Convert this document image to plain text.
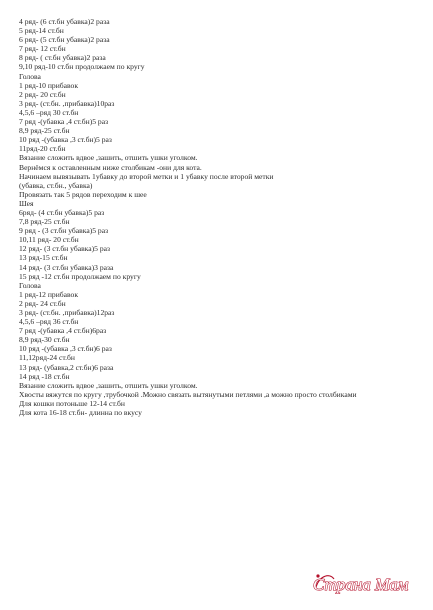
4 ряд- (6 ст.бн убавка)2 раза
5 ряд-14 ст.бн
6 ряд- (5 ст.бн убавка)2 раза
7 ряд- 12 ст.бн
8 ряд- ( ст.бн убавка)2 раза
9,10 ряд-10 ст.бн продолжаем по кругу
Голова
1 ряд-10 прибавок
2 ряд- 20 ст.бн
3 ряд- (ст.бн. ,прибавка)10раз
4,5,6 –ряд 30 ст.бн
7 ряд -(убавка ,4 ст.бн)5 раз
8,9 ряд-25 ст.бн
10 ряд -(убавка ,3 ст.бн)5 раз
11ряд-20 ст.бн
Вязание сложить вдвое ,зашить, отшить ушки уголком.
Вернёмся к оставленным ниже столбикам -они для кота.
Начинаем вывязывать 1убавку до второй метки и 1 убавку после второй метки
(убавка, ст.бн., убавка)
Провязать так 5 рядов переходим к шее
Шея
6ряд- (4 ст.бн убавка)5 раз
7,8 ряд-25 ст.бн
9 ряд - (3 ст.бн убавка)5 раз
10,11 ряд- 20 ст.бн
12 ряд- (3 ст.бн убавка)5 раз
13 ряд-15 ст.бн
14 ряд- (3 ст.бн убавка)3 раза
15 ряд -12 ст.бн продолжаем по кругу
Голова
1 ряд-12 прибавок
2 ряд- 24 ст.бн
3 ряд- (ст.бн. ,прибавка)12раз
4,5,6 –ряд 36 ст.бн
7 ряд -(убавка ,4 ст.бн)6раз
8,9 ряд-30 ст.бн
10 ряд -(убавка ,3 ст.бн)6 раз
11,12ряд-24 ст.бн
13 ряд- (убавка,2 ст.бн)6 раза
14 ряд -18 ст.бн
Вязание сложить вдвое ,зашить, отшить ушки уголком.
Хвосты вяжутся по кругу ,трубочкой .Можно связать вытянутыми петлями ,а можно просто столбиками
Для кошки потоньше 12-14 ст.бн
Для кота 16-18 ст.бн- длинна по вкусу
Страна Мам
